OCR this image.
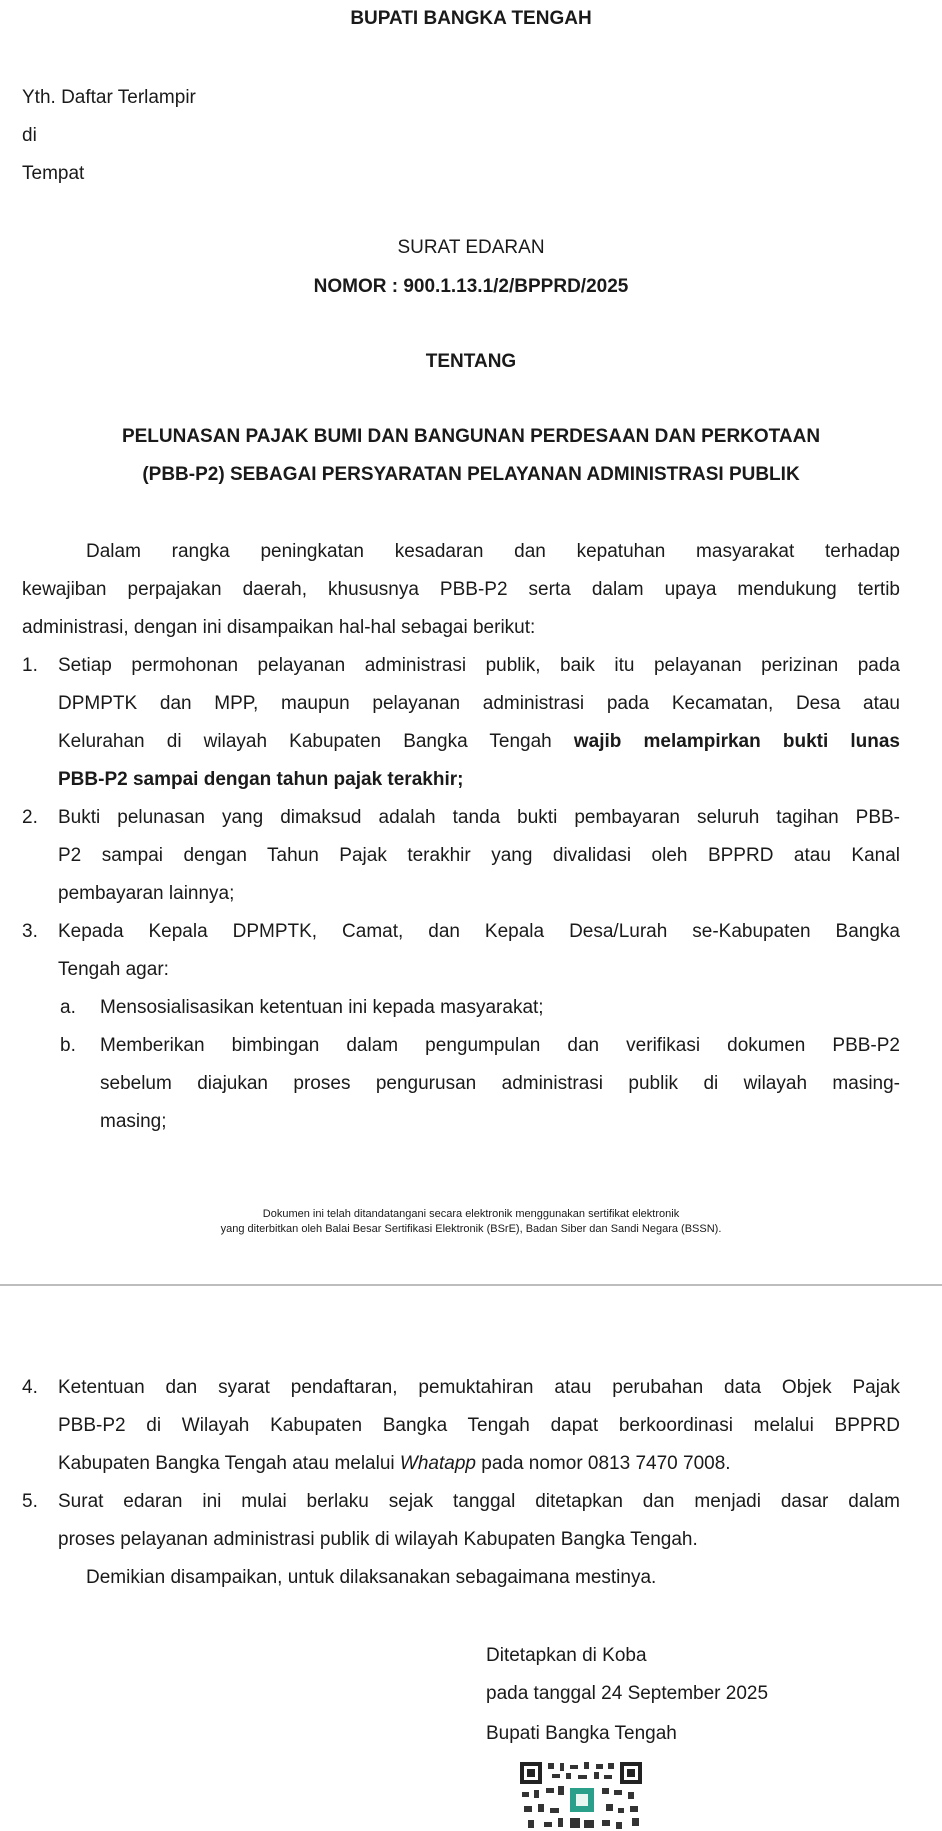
BUPATI BANGKA TENGAH
Yth. Daftar Terlampir
di
Tempat
SURAT EDARAN
NOMOR : 900.1.13.1/2/BPPRD/2025
TENTANG
PELUNASAN PAJAK BUMI DAN BANGUNAN PERDESAAN DAN PERKOTAAN
(PBB-P2) SEBAGAI PERSYARATAN PELAYANAN ADMINISTRASI PUBLIK
Dalam rangka peningkatan kesadaran dan kepatuhan masyarakat terhadap
kewajiban perpajakan daerah, khususnya PBB-P2 serta dalam upaya mendukung tertib
administrasi, dengan ini disampaikan hal-hal sebagai berikut:
1.	Setiap permohonan pelayanan administrasi publik, baik itu pelayanan perizinan pada
DPMPTK dan MPP, maupun pelayanan administrasi pada Kecamatan, Desa atau
Kelurahan di wilayah Kabupaten Bangka Tengah wajib melampirkan bukti lunas
PBB-P2 sampai dengan tahun pajak terakhir;
2.	Bukti pelunasan yang dimaksud adalah tanda bukti pembayaran seluruh tagihan PBB-
P2 sampai dengan Tahun Pajak terakhir yang divalidasi oleh BPPRD atau Kanal
pembayaran lainnya;
3.	Kepada Kepala DPMPTK, Camat, dan Kepala Desa/Lurah se-Kabupaten Bangka
Tengah agar:
a.	Mensosialisasikan ketentuan ini kepada masyarakat;
b.	Memberikan bimbingan dalam pengumpulan dan verifikasi dokumen PBB-P2
sebelum diajukan proses pengurusan administrasi publik di wilayah masing-
masing;
Dokumen ini telah ditandatangani secara elektronik menggunakan sertifikat elektronik
yang diterbitkan oleh Balai Besar Sertifikasi Elektronik (BSrE), Badan Siber dan Sandi Negara (BSSN).
4.	Ketentuan dan syarat pendaftaran, pemuktahiran atau perubahan data Objek Pajak
PBB-P2 di Wilayah Kabupaten Bangka Tengah dapat berkoordinasi melalui BPPRD
Kabupaten Bangka Tengah atau melalui Whatapp pada nomor 0813 7470 7008.
5.	Surat edaran ini mulai berlaku sejak tanggal ditetapkan dan menjadi dasar dalam
proses pelayanan administrasi publik di wilayah Kabupaten Bangka Tengah.
Demikian disampaikan, untuk dilaksanakan sebagaimana mestinya.
Ditetapkan di Koba
pada tanggal 24 September 2025
Bupati Bangka Tengah
